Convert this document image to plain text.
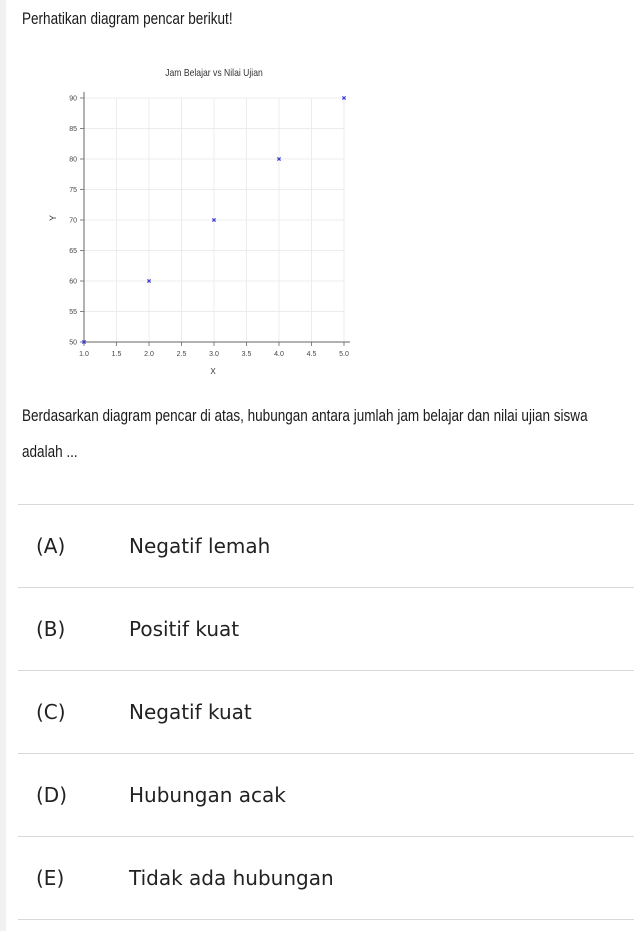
Perhatikan diagram pencar berikut!

Jam Belajar vs Nilai Ujian
1.0	1.5	2.0	2.5	3.0	3.5	4.0	4.5	5.0
50
55
60
65
70
75
80
85
90
X
Y

Berdasarkan diagram pencar di atas, hubungan antara jumlah jam belajar dan nilai ujian siswa adalah ...

(A)	Negatif lemah
(B)	Positif kuat
(C)	Negatif kuat
(D)	Hubungan acak
(E)	Tidak ada hubungan
